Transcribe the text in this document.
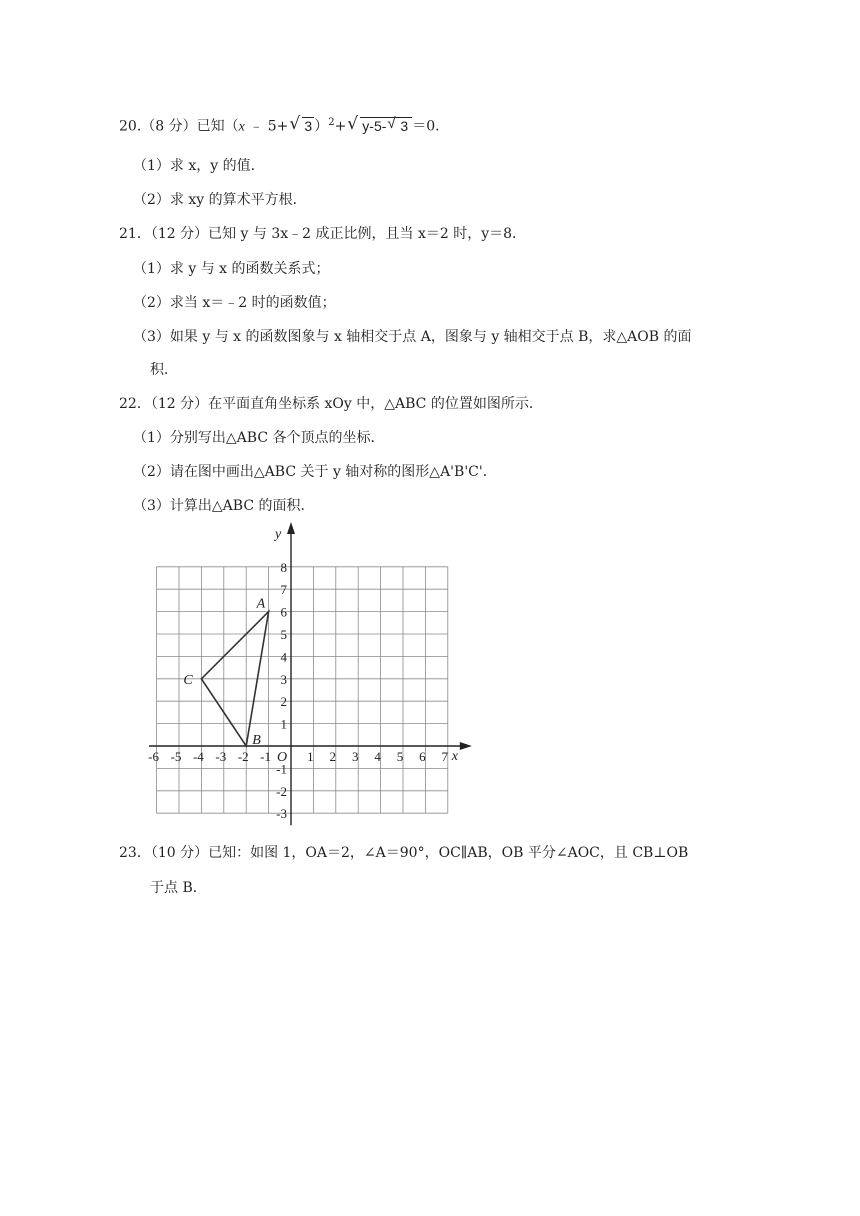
20.（8 分）已知（x ﹣ 5+ √ 3 ）$^2$+ √ y-5- √ 3 ＝0．
（1）求 x，y 的值．
（2）求 xy 的算术平方根．
21．（12 分）已知 y 与 3x﹣2 成正比例，且当 x＝2 时，y＝8．
（1）求 y 与 x 的函数关系式；
（2）求当 x＝﹣2 时的函数值；
（3）如果 y 与 x 的函数图象与 x 轴相交于点 A，图象与 y 轴相交于点 B，求△AOB 的面
积．
22．（12 分）在平面直角坐标系 xOy 中，△ABC 的位置如图所示．
（1）分别写出△ABC 各个顶点的坐标．
（2）请在图中画出△ABC 关于 y 轴对称的图形△A'B'C'．
（3）计算出△ABC 的面积．
-6 -5 -4 -3 -2 -1	1 2 3 4 5 6 7
8
7
6
5
4
3
2
1
-1
-2
-3
A
B
C
x
y
O
23．（10 分）已知：如图 1，OA＝2，∠A＝90°，OC∥AB，OB 平分∠AOC，且 CB⊥OB
于点 B．
